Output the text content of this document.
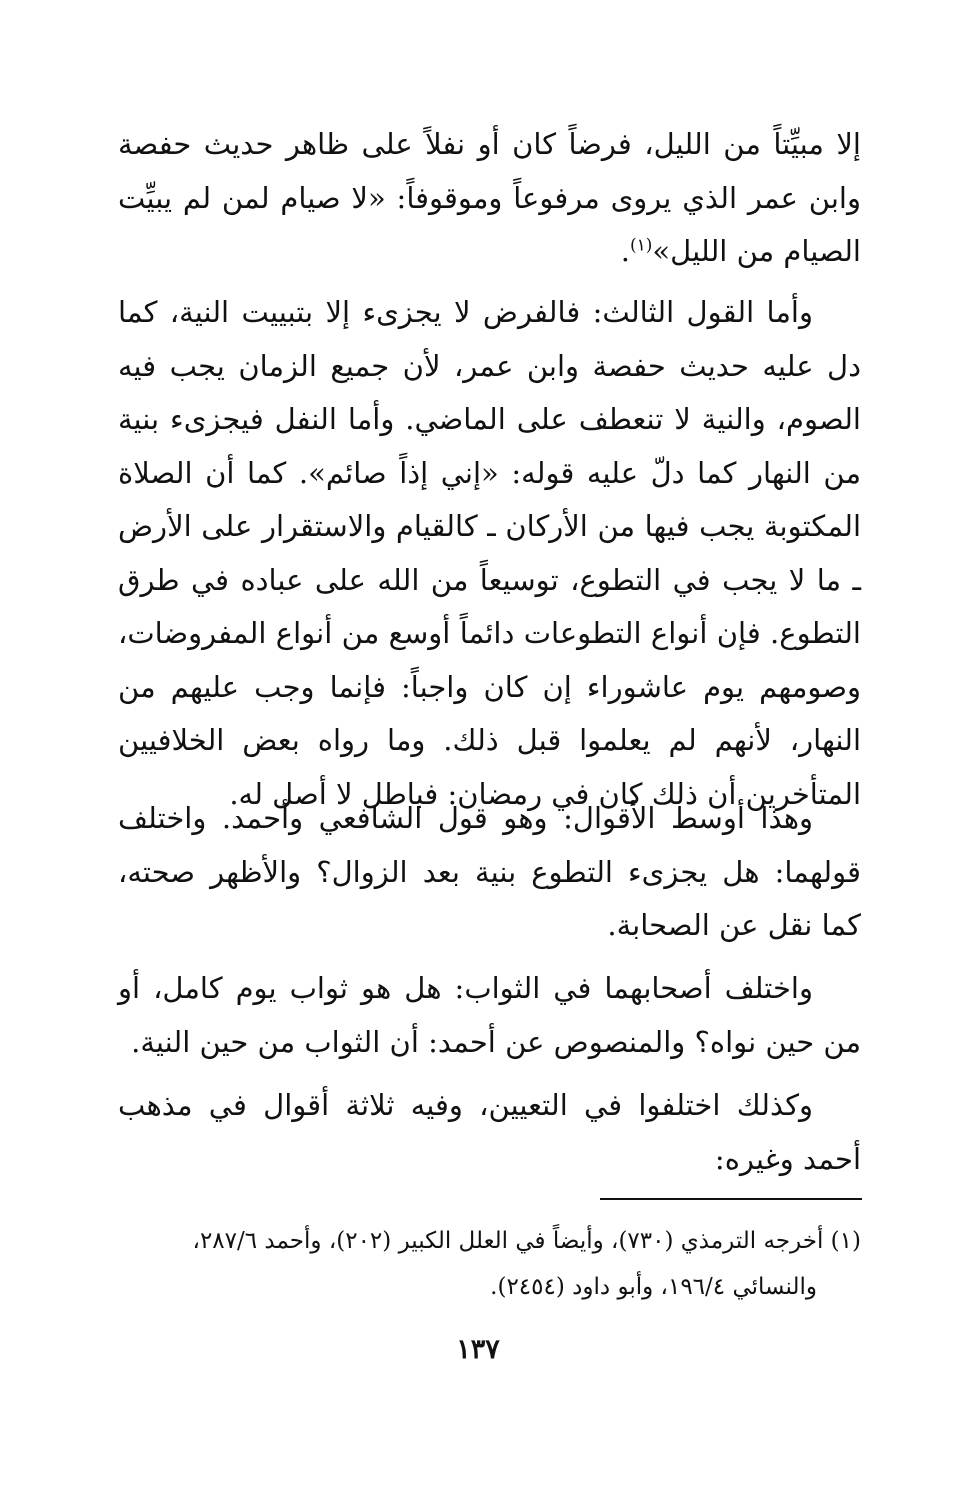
إلا مبيِّتاً من الليل، فرضاً كان أو نفلاً على ظاهر حديث حفصة وابن عمر الذي يروى مرفوعاً وموقوفاً: «لا صيام لمن لم يبيِّت الصيام من الليل»$^{(١)}$.

وأما القول الثالث: فالفرض لا يجزىء إلا بتبييت النية، كما دل عليه حديث حفصة وابن عمر، لأن جميع الزمان يجب فيه الصوم، والنية لا تنعطف على الماضي. وأما النفل فيجزىء بنية من النهار كما دلّ عليه قوله: «إني إذاً صائم». كما أن الصلاة المكتوبة يجب فيها من الأركان ـ كالقيام والاستقرار على الأرض ـ ما لا يجب في التطوع، توسيعاً من الله على عباده في طرق التطوع. فإن أنواع التطوعات دائماً أوسع من أنواع المفروضات، وصومهم يوم عاشوراء إن كان واجباً: فإنما وجب عليهم من النهار، لأنهم لم يعلموا قبل ذلك. وما رواه بعض الخلافيين المتأخرين أن ذلك كان في رمضان: فباطل لا أصل له.

وهذا أوسط الأقوال: وهو قول الشافعي وأحمد. واختلف قولهما: هل يجزىء التطوع بنية بعد الزوال؟ والأظهر صحته، كما نقل عن الصحابة.

واختلف أصحابهما في الثواب: هل هو ثواب يوم كامل، أو من حين نواه؟ والمنصوص عن أحمد: أن الثواب من حين النية.

وكذلك اختلفوا في التعيين، وفيه ثلاثة أقوال في مذهب أحمد وغيره:

(١) أخرجه الترمذي (٧٣٠)، وأيضاً في العلل الكبير (٢٠٢)، وأحمد ٢٨٧/٦،
والنسائي ١٩٦/٤، وأبو داود (٢٤٥٤).
١٣٧
